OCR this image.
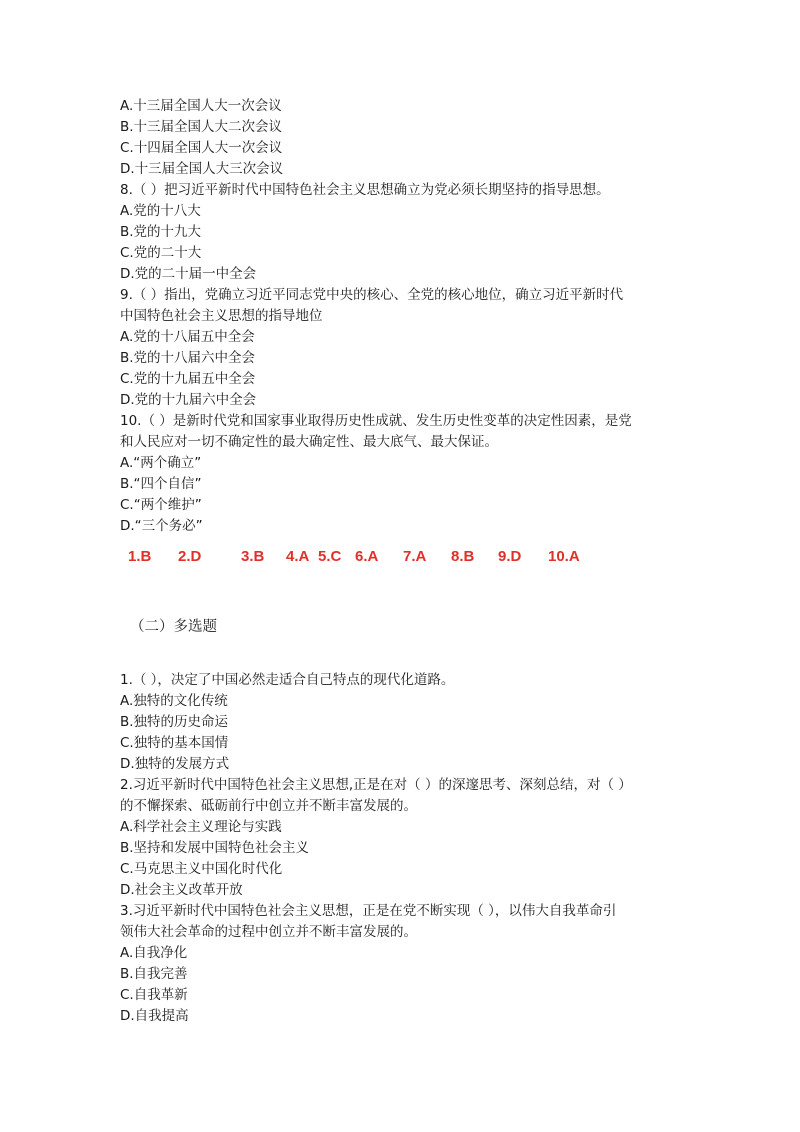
A.十三届全国人大一次会议
B.十三届全国人大二次会议
C.十四届全国人大一次会议
D.十三届全国人大三次会议
8.（ ）把习近平新时代中国特色社会主义思想确立为党必须长期坚持的指导思想。
A.党的十八大
B.党的十九大
C.党的二十大
D.党的二十届一中全会
9.（ ）指出，党确立习近平同志党中央的核心、全党的核心地位，确立习近平新时代
中国特色社会主义思想的指导地位
A.党的十八届五中全会
B.党的十八届六中全会
C.党的十九届五中全会
D.党的十九届六中全会
10.（ ）是新时代党和国家事业取得历史性成就、发生历史性变革的决定性因素，是党
和人民应对一切不确定性的最大确定性、最大底气、最大保证。
A.“两个确立”
B.“四个自信”
C.“两个维护”
D.“三个务必”
1.B 2.D	3.B 4.A 5.C 6.A 7.A 8.B 9.D 10.A
（二）多选题
1.（ ），决定了中国必然走适合自己特点的现代化道路。
A.独特的文化传统
B.独特的历史命运
C.独特的基本国情
D.独特的发展方式
2.习近平新时代中国特色社会主义思想,正是在对（ ）的深邃思考、深刻总结，对（ ）
的不懈探索、砥砺前行中创立并不断丰富发展的。
A.科学社会主义理论与实践
B.坚持和发展中国特色社会主义
C.马克思主义中国化时代化
D.社会主义改革开放
3.习近平新时代中国特色社会主义思想，正是在党不断实现（ ），以伟大自我革命引
领伟大社会革命的过程中创立并不断丰富发展的。
A.自我净化
B.自我完善
C.自我革新
D.自我提高
